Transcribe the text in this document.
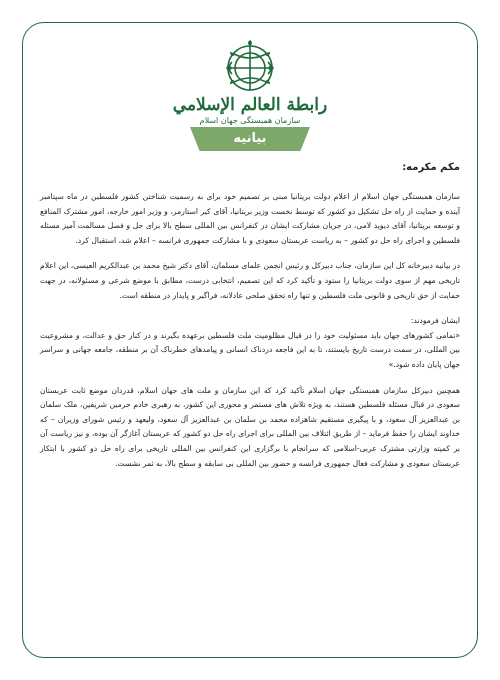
رابطة العالم الإسلامي
سازمان همبستگی جهان اسلام
بیانیه
مکم مکرمه:
سازمان همبستگی جهان اسلام از اعلام دولت بریتانیا مبنی بر تصمیم خود برای به رسمیت شناختن کشور فلسطین در ماه سپتامبر آینده و حمایت از راه حل تشکیل دو کشور که توسط نخست وزیر بریتانیا، آقای کیر استارمر، و وزیر امور خارجه، امور مشترک المنافع و توسعه بریتانیا، آقای دیوید لامی، در جریان مشارکت ایشان در کنفرانس بین المللی سطح بالا برای حل و فصل مسالمت آمیز مسئله فلسطین و اجرای راه حل دو کشور – به ریاست عربستان سعودی و با مشارکت جمهوری فرانسه – اعلام شد، استقبال کرد.
در بیانیه دبیرخانه کل این سازمان، جناب دبیرکل و رئیس انجمن علمای مسلمان، آقای دکتر شیخ محمد بن عبدالکریم العیسی، این اعلام تاریخی مهم از سوی دولت بریتانیا را ستود و تأکید کرد که این تصمیم، انتخابی درست، مطابق با موضع شرعی و مسئولانه، در جهت حمایت از حق تاریخی و قانونی ملت فلسطین و تنها راه تحقق صلحی عادلانه، فراگیر و پایدار در منطقه است.
ایشان فرمودند:
«تمامی کشورهای جهان باید مسئولیت خود را در قبال مظلومیت ملت فلسطین برعهده بگیرند و در کنار حق و عدالت، و مشروعیت بین المللی، در سمت درست تاریخ بایستند، تا به این فاجعه دردناک انسانی و پیامدهای خطرناک آن بر منطقه، جامعه جهانی و سراسر جهان پایان داده شود.»
همچنین دبیرکل سازمان همبستگی جهان اسلام تأکید کرد که این سازمان و ملت های جهان اسلام، قدردان موضع ثابت عربستان سعودی در قبال مسئله فلسطین هستند، به ویژه تلاش های مستمر و محوری این کشور، به رهبری خادم حرمین شریفین، ملک سلمان بن عبدالعزیز آل سعود، و با پیگیری مستقیم شاهزاده محمد بن سلمان بن عبدالعزیز آل سعود، ولیعهد و رئیس شورای وزیران – که خداوند ایشان را حفظ فرماید – از طریق ائتلاف بین المللی برای اجرای راه حل دو کشور که عربستان آغازگر آن بوده، و نیز ریاست آن بر کمیته وزارتی مشترک عربی-اسلامی که سرانجام با برگزاری این کنفرانس بین المللی تاریخی برای راه حل دو کشور با ابتکار عربستان سعودی و مشارکت فعال جمهوری فرانسه و حضور بین المللی بی سابقه و سطح بالا، به ثمر نشست.
